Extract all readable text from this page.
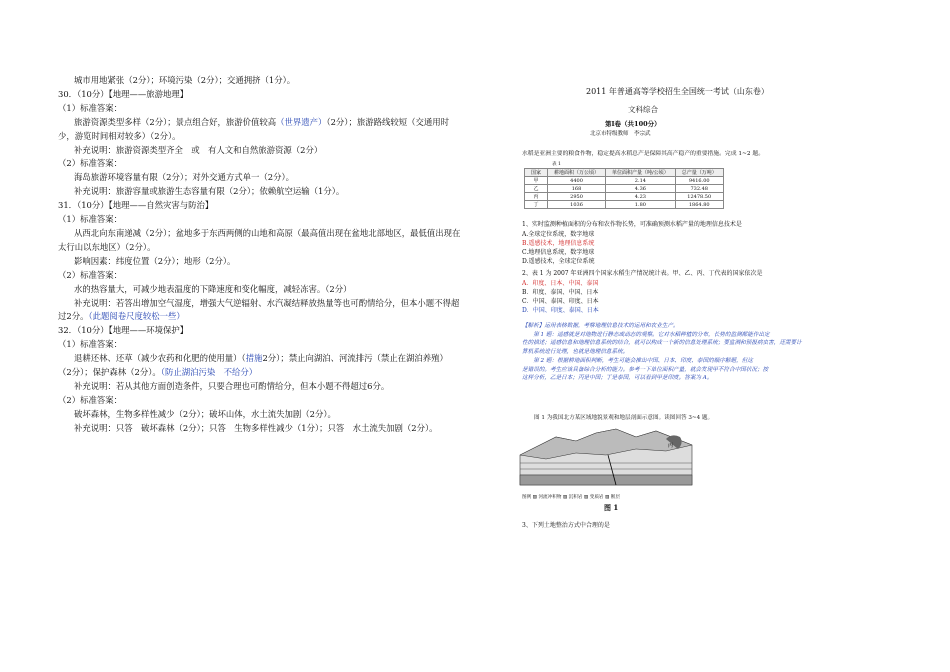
城市用地紧张（2分）；环境污染（2分）；交通拥挤（1分）。
30．（10分）【地理——旅游地理】
（1）标准答案：
旅游资源类型多样（2分）；景点组合好，旅游价值较高（世界遗产）（2分）；旅游路线较短（交通用时
少，游览时间相对较多）（2分）。
补充说明：旅游资源类型齐全　或　有人文和自然旅游资源（2分）
（2）标准答案：
海岛旅游环境容量有限（2分）；对外交通方式单一（2分）。
补充说明：旅游容量或旅游生态容量有限（2分）；依赖航空运输（1分）。
31．（10分）【地理——自然灾害与防治】
（1）标准答案：
从西北向东南递减（2分）；盆地多于东西两侧的山地和高原（最高值出现在盆地北部地区，最低值出现在
太行山以东地区）（2分）。
影响因素：纬度位置（2分）；地形（2分）。
（2）标准答案：
水的热容量大，可减少地表温度的下降速度和变化幅度，减轻冻害。（2分）
补充说明：若答出增加空气湿度，增强大气逆辐射、水汽凝结释放热量等也可酌情给分，但本小题不得超
过2分。（此题阅卷尺度较松一些）
32．（10分）【地理——环境保护】
（1）标准答案：
退耕还林、还草（减少农药和化肥的使用量）（措施2分）；禁止向湖泊、河流排污（禁止在湖泊养殖）
（2分）；保护森林（2分）。（防止湖泊污染　不给分）
补充说明：若从其他方面创造条件，只要合理也可酌情给分，但本小题不得超过6分。
（2）标准答案：
破坏森林，生物多样性减少（2分）；破坏山体，水土流失加剧（2分）。
补充说明：只答　破坏森林（2分）；只答　生物多样性减少（1分）；只答　水土流失加剧（2分）。
2011 年普通高等学校招生全国统一考试（山东卷）
文科综合
第Ⅰ卷（共100分）
北京市特级教师　李宗武
水稻是亚洲主要的粮食作物，稳定提高水稻总产是保障其高产稳产的重要措施。完成 1~2 题。
表 1
国家	耕地面积（万公顷）	单位面积产量（吨/公顷）	总产量（万吨）
甲	4400	2.14	9416.00
乙	168	4.36	732.48
丙	2950	4.23	12478.50
丁	1036	1.80	1864.80
1、实时监测种植面积的分布和农作物长势，可准确预测水稻产量的地理信息技术是
A.全球定位系统，数字地球
B.遥感技术，地理信息系统
C.地理信息系统，数字地球
D.遥感技术，全球定位系统
2、表 1 为 2007 年亚洲四个国家水稻生产情况统计表。甲、乙、丙、丁代表的国家依次是
A．印度、日本、中国、泰国
B．印度、泰国、中国、日本
C．中国、泰国、印度、日本
D．中国、印度、泰国、日本
【解析】运用表格数据，考察地理信息技术的运用和农业生产。
　　第 1 题：遥感就是对地物进行静态或动态的观察。它对水稻种植的分布，长势的监测都能作出定
性的描述；遥感信息和地理信息系统的结合，就可以构成一个新的信息处理系统；要监测和预报病虫害，还需要计
算机系统进行处理，也就是地理信息系统。
　　第 2 题：根据耕地面积判断，考生可能会推出中国、日本、印度、泰国的顺序解题，但这
是错误的。考生应该具备综合分析的能力。参考一下单位面积产量，就会发现甲不符合中国状况；按
这样分析，乙是日本；丙是中国；丁是泰国，可以看到甲是印度。答案为 A。
图 1 为我国北方某区域地貌景观和地层剖面示意图。读图回答 3~4 题。
丙
图例 ▨ 河流冲积物 ▨ 沉积岩 ▨ 变质岩 ▨ 断层
图 1
3、下列土地整治方式中合理的是
